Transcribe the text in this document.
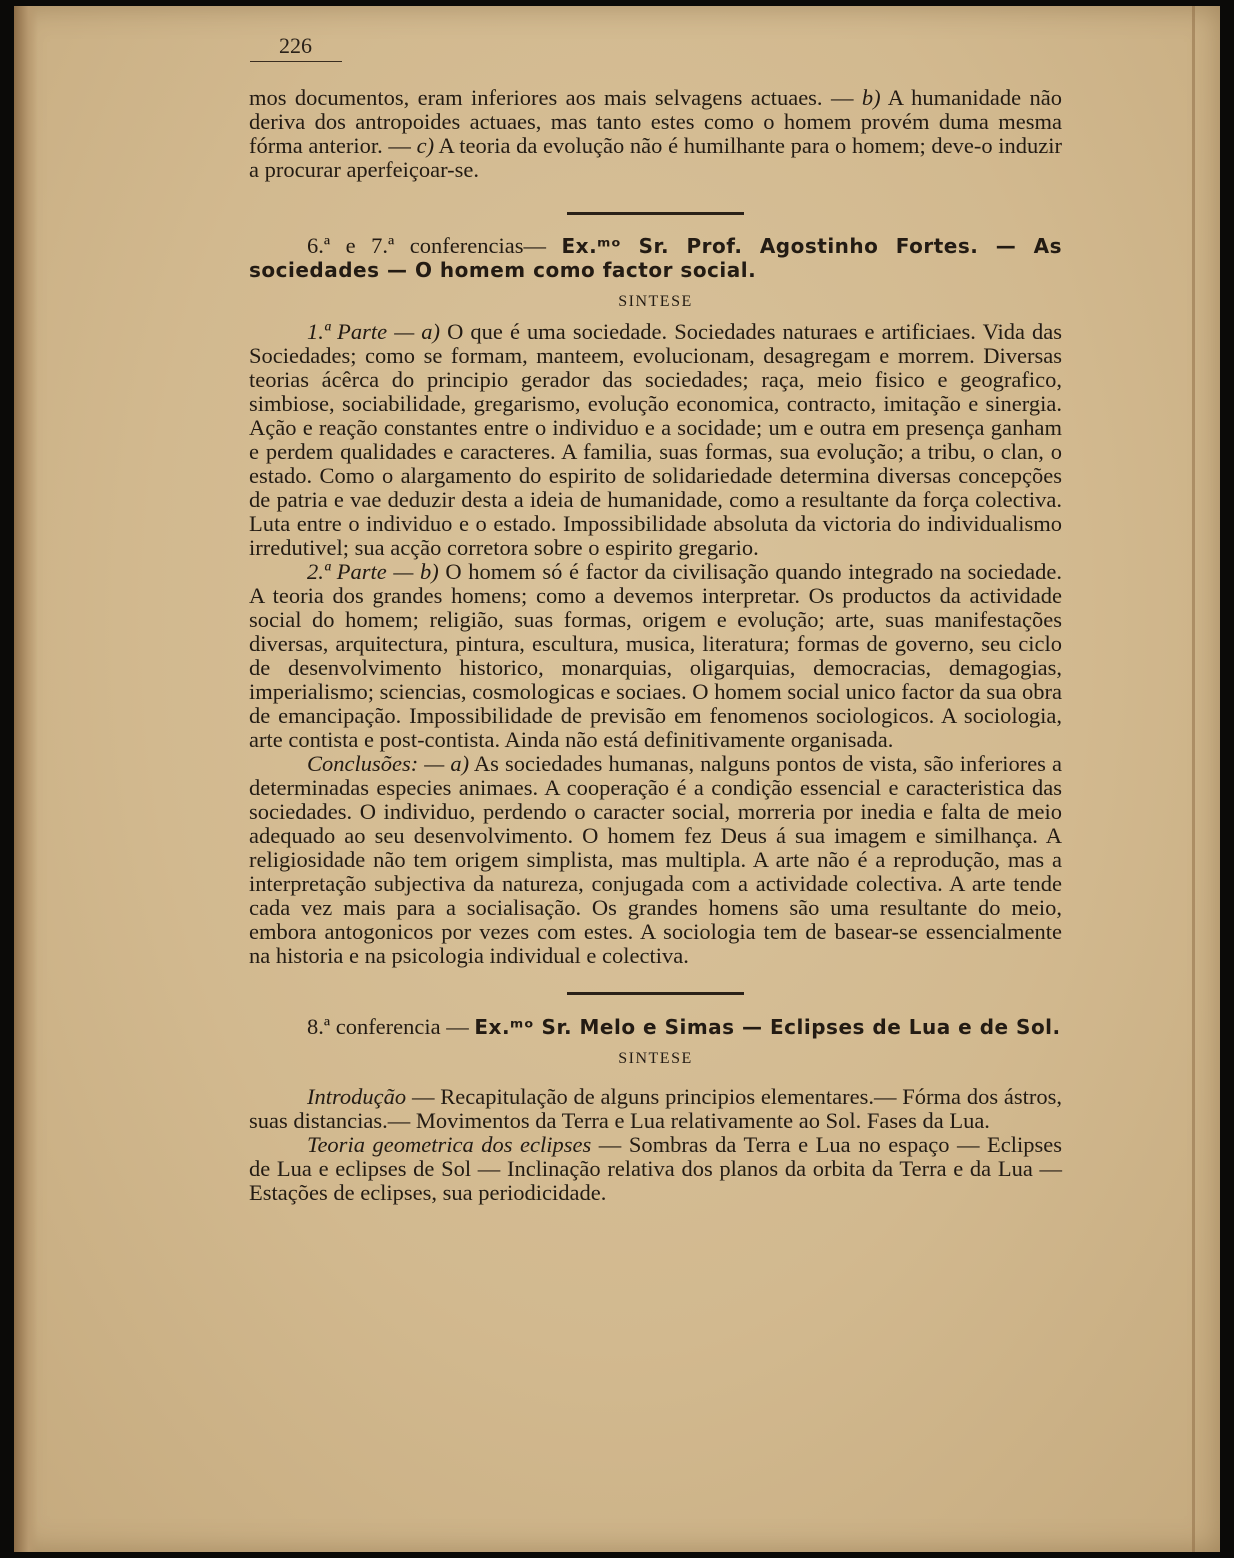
226

mos documentos, eram inferiores aos mais selvagens actuaes. — b) A humanidade não deriva dos antropoides actuaes, mas tanto estes como o homem provém duma mesma fórma anterior. — c) A teoria da evolução não é humilhante para o homem; deve-o induzir a procurar aperfeiçoar-se.

6.ª e 7.ª conferencias— Ex.ᵐᵒ Sr. Prof. Agostinho Fortes. — As sociedades — O homem como factor social.

SINTESE

1.ª Parte — a) O que é uma sociedade. Sociedades naturaes e artificiaes. Vida das Sociedades; como se formam, manteem, evolucionam, desagregam e morrem. Diversas teorias ácêrca do principio gerador das sociedades; raça, meio fisico e geografico, simbiose, sociabilidade, gregarismo, evolução economica, contracto, imitação e sinergia. Ação e reação constantes entre o individuo e a socidade; um e outra em presença ganham e perdem qualidades e caracteres. A familia, suas formas, sua evolução; a tribu, o clan, o estado. Como o alargamento do espirito de solidariedade determina diversas concepções de patria e vae deduzir desta a ideia de humanidade, como a resultante da força colectiva. Luta entre o individuo e o estado. Impossibilidade absoluta da victoria do individualismo irredutivel; sua acção corretora sobre o espirito gregario.

2.ª Parte — b) O homem só é factor da civilisação quando integrado na sociedade. A teoria dos grandes homens; como a devemos interpretar. Os productos da actividade social do homem; religião, suas formas, origem e evolução; arte, suas manifestações diversas, arquitectura, pintura, escultura, musica, literatura; formas de governo, seu ciclo de desenvolvimento historico, monarquias, oligarquias, democracias, demagogias, imperialismo; sciencias, cosmologicas e sociaes. O homem social unico factor da sua obra de emancipação. Impossibilidade de previsão em fenomenos sociologicos. A sociologia, arte contista e post-contista. Ainda não está definitivamente organisada.

Conclusões: — a) As sociedades humanas, nalguns pontos de vista, são inferiores a determinadas especies animaes. A cooperação é a condição essencial e caracteristica das sociedades. O individuo, perdendo o caracter social, morreria por inedia e falta de meio adequado ao seu desenvolvimento. O homem fez Deus á sua imagem e similhança. A religiosidade não tem origem simplista, mas multipla. A arte não é a reprodução, mas a interpretação subjectiva da natureza, conjugada com a actividade colectiva. A arte tende cada vez mais para a socialisação. Os grandes homens são uma resultante do meio, embora antogonicos por vezes com estes. A sociologia tem de basear-se essencialmente na historia e na psicologia individual e colectiva.

8.ª conferencia — Ex.ᵐᵒ Sr. Melo e Simas — Eclipses de Lua e de Sol.

SINTESE

Introdução — Recapitulação de alguns principios elementares.— Fórma dos ástros, suas distancias.— Movimentos da Terra e Lua relativamente ao Sol. Fases da Lua.

Teoria geometrica dos eclipses — Sombras da Terra e Lua no espaço — Eclipses de Lua e eclipses de Sol — Inclinação relativa dos planos da orbita da Terra e da Lua — Estações de eclipses, sua periodicidade.
